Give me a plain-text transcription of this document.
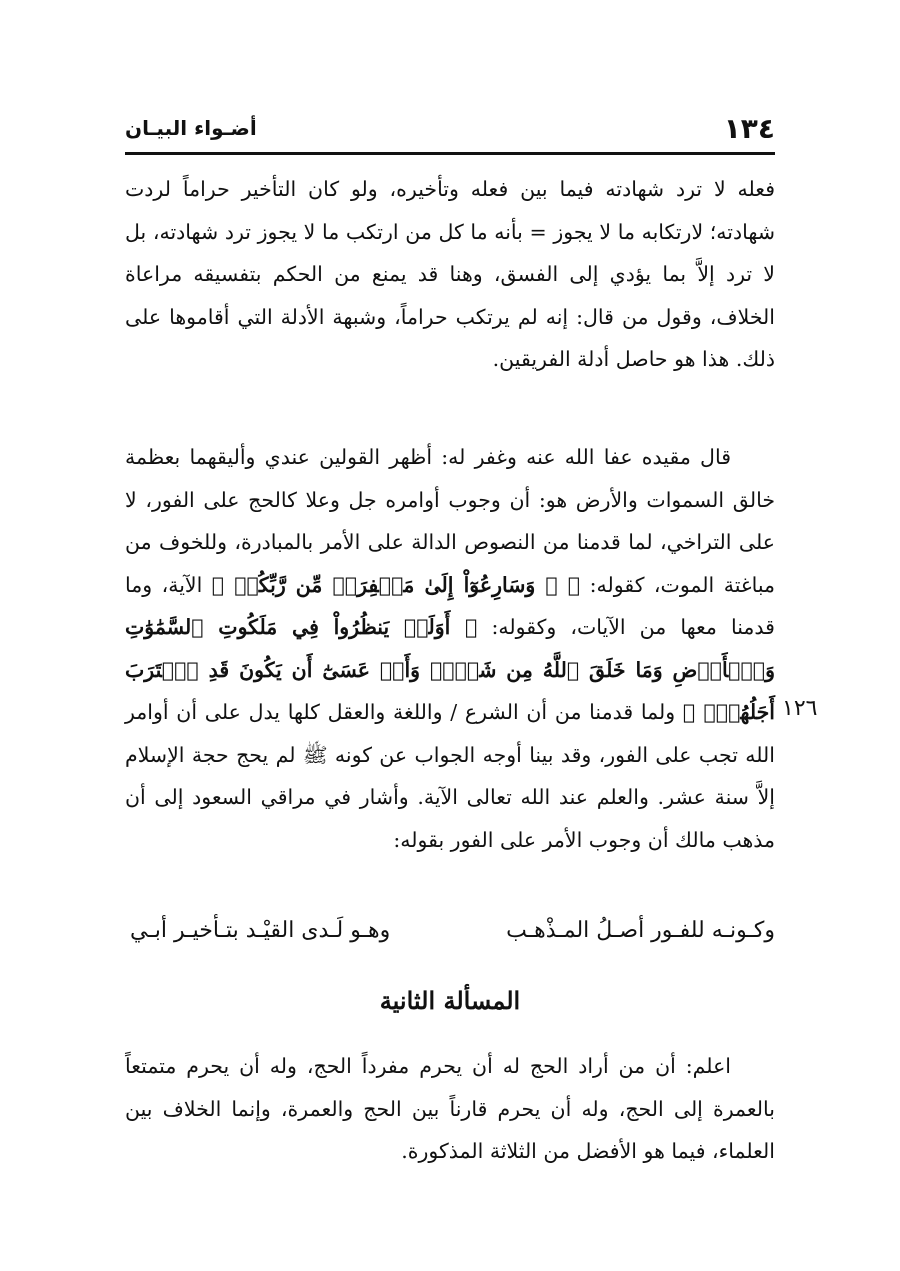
١٣٤
أضـواء البيـان

فعله لا ترد شهادته فيما بين فعله وتأخيره، ولو كان التأخير حراماً لردت شهادته؛ لارتكابه ما لا يجوز = بأنه ما كل من ارتكب ما لا يجوز ترد شهادته، بل لا ترد إلاَّ بما يؤدي إلى الفسق، وهنا قد يمنع من الحكم بتفسيقه مراعاة الخلاف، وقول من قال: إنه لم يرتكب حراماً، وشبهة الأدلة التي أقاموها على ذلك. هذا هو حاصل أدلة الفريقين.

قال مقيده عفا الله عنه وغفر له: أظهر القولين عندي وأليقهما بعظمة خالق السموات والأرض هو: أن وجوب أوامره جل وعلا كالحج على الفور، لا على التراخي، لما قدمنا من النصوص الدالة على الأمر بالمبادرة، وللخوف من مباغتة الموت، كقوله: ﴿ ۞ وَسَارِعُوٓاْ إِلَىٰ مَغۡفِرَةٖ مِّن رَّبِّكُمۡ ﴾ الآية، وما قدمنا معها من الآيات، وكقوله: ﴿ أَوَلَمۡ يَنظُرُواْ فِي مَلَكُوتِ ٱلسَّمَٰوَٰتِ وَٱلۡأَرۡضِ وَمَا خَلَقَ ٱللَّهُ مِن شَيۡءٖ وَأَنۡ عَسَىٰٓ أَن يَكُونَ قَدِ ٱقۡتَرَبَ أَجَلُهُمۡۖ ﴾ ولما قدمنا من أن الشرع / واللغة والعقل كلها يدل على أن أوامر الله تجب على الفور، وقد بينا أوجه الجواب عن كونه ﷺ لم يحج حجة الإسلام إلاَّ سنة عشر. والعلم عند الله تعالى الآية. وأشار في مراقي السعود إلى أن مذهب مالك أن وجوب الأمر على الفور بقوله:

١٢٦
وكـونـه للفـور أصـلُ المـذْهـب
وهـو لَـدى القيْـد بتـأخيـر أبـي
المسألة الثانية

اعلم: أن من أراد الحج له أن يحرم مفرداً الحج، وله أن يحرم متمتعاً بالعمرة إلى الحج، وله أن يحرم قارناً بين الحج والعمرة، وإنما الخلاف بين العلماء، فيما هو الأفضل من الثلاثة المذكورة.
